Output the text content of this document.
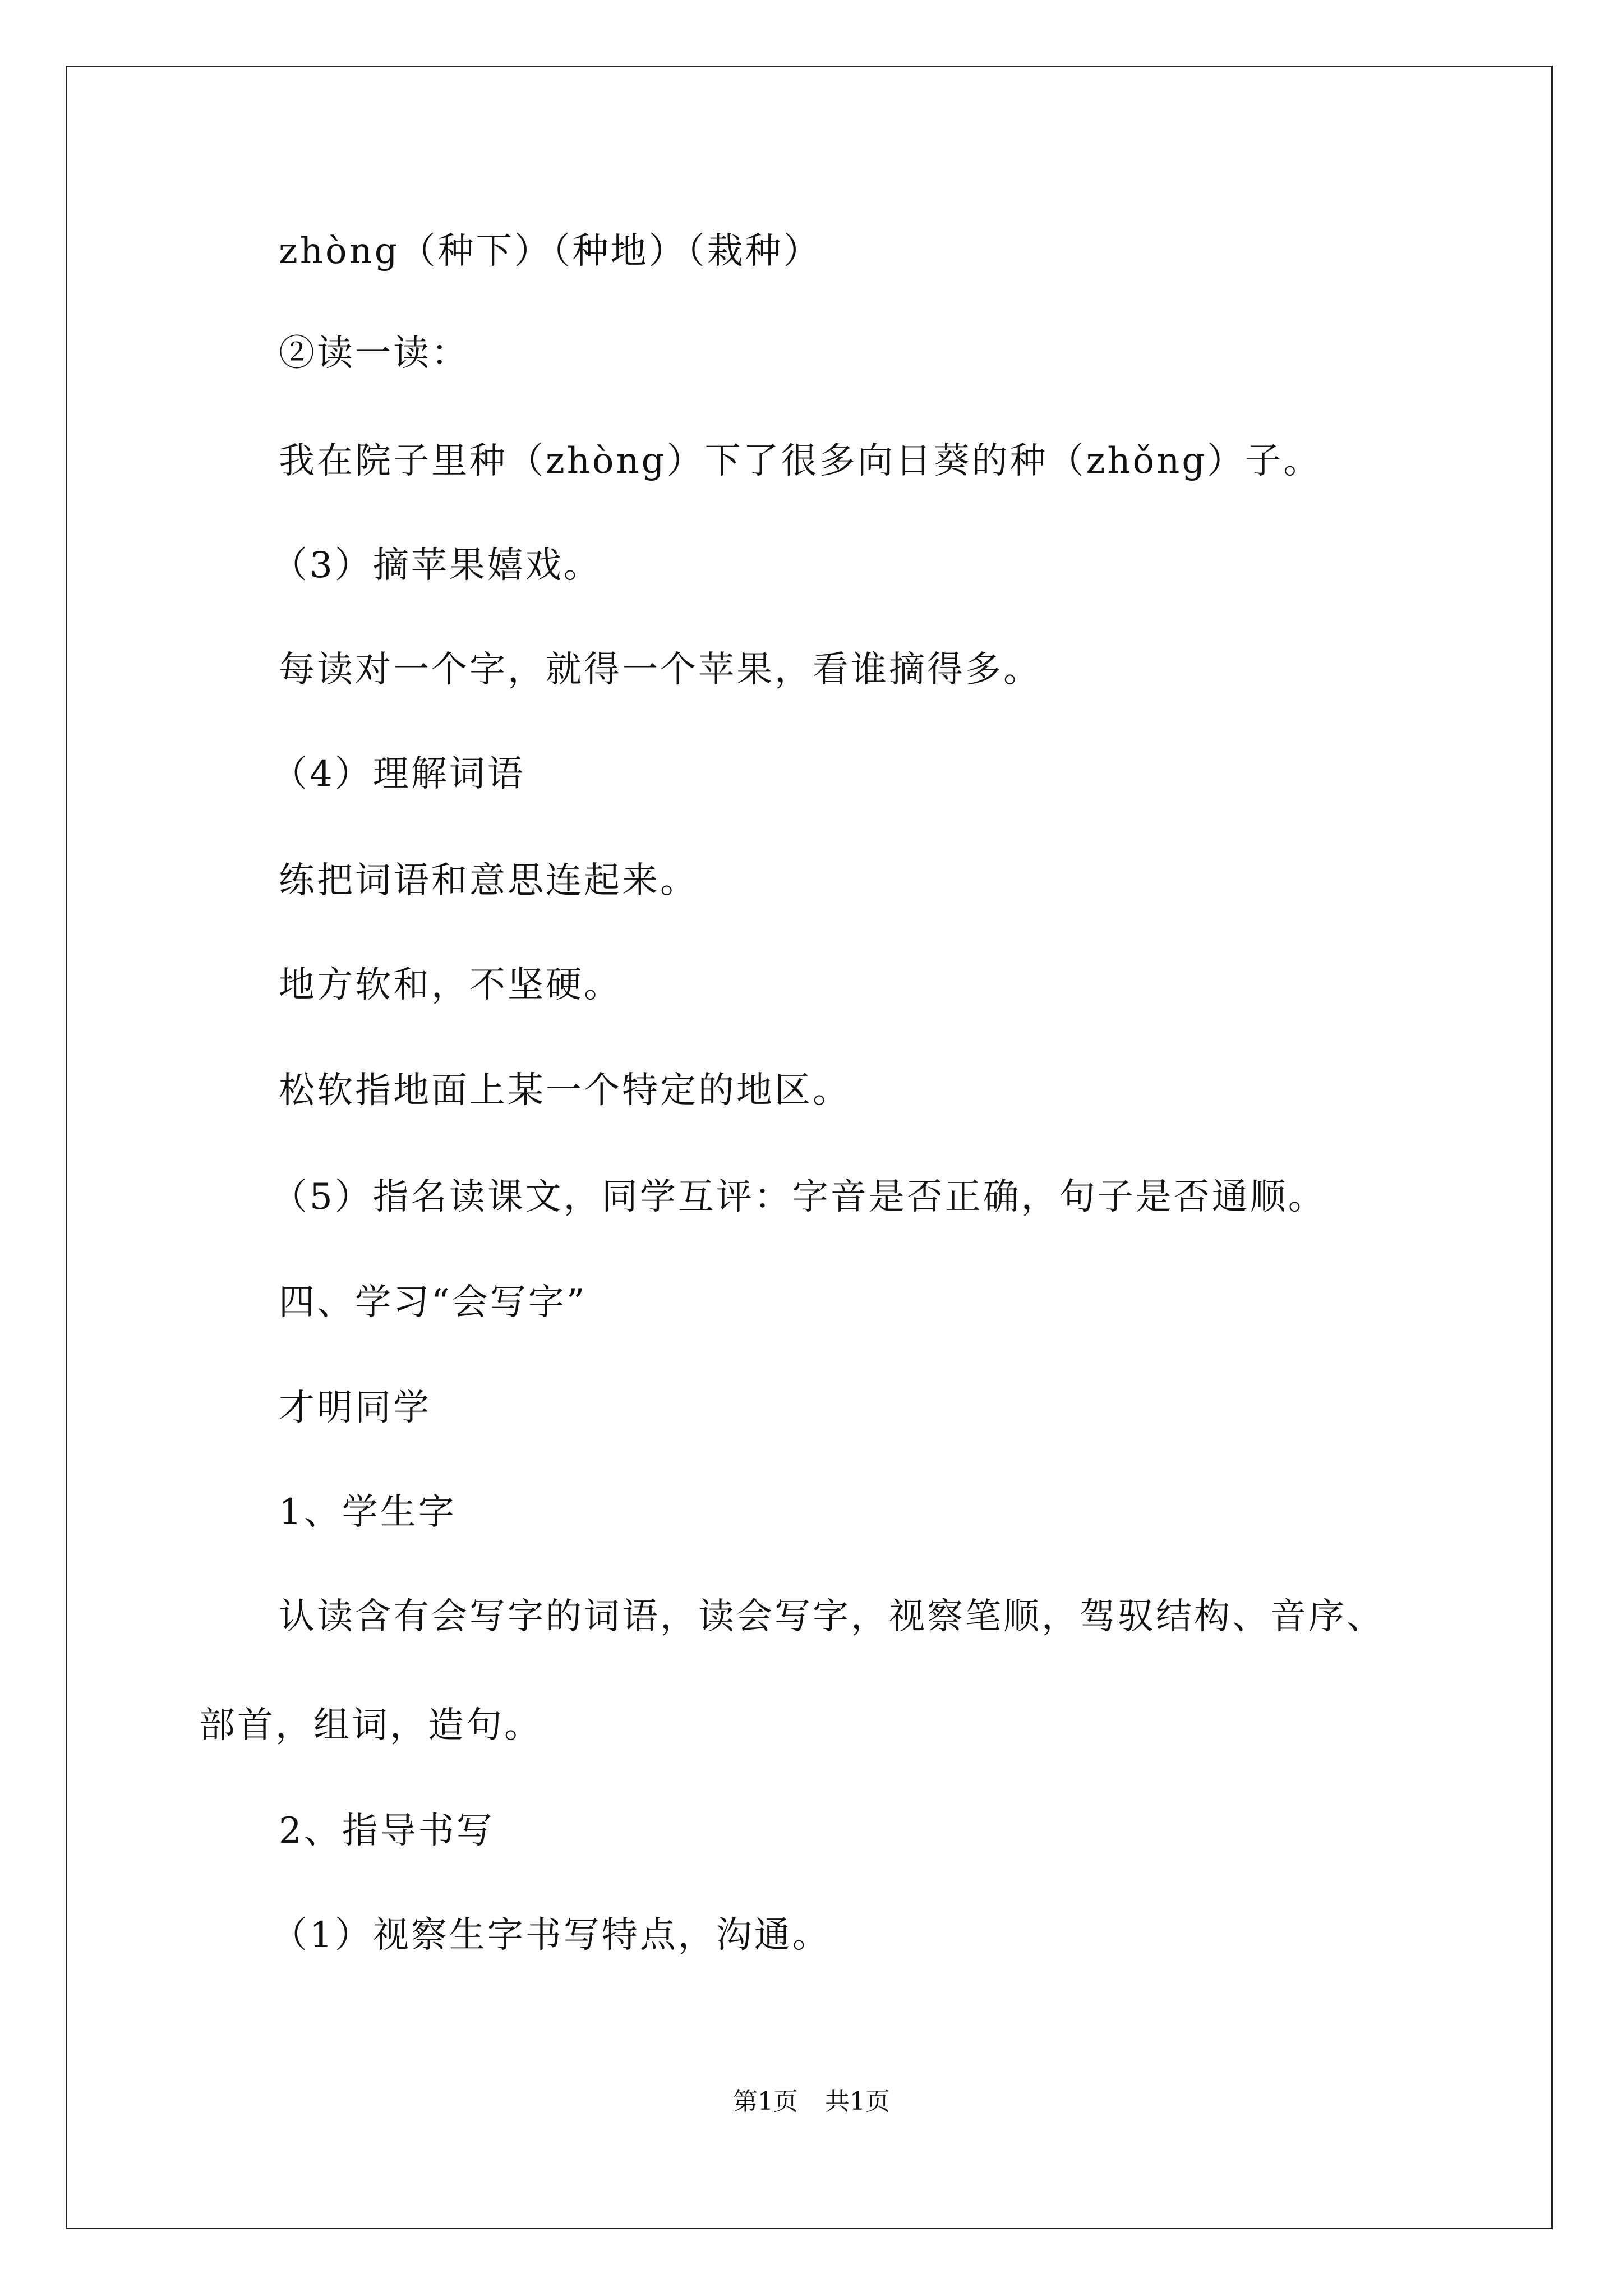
zhòng（种下）（种地）（栽种）
②读一读：
我在院子里种（zhòng）下了很多向日葵的种（zhǒng）子。
（3）摘苹果嬉戏。
每读对一个字，就得一个苹果，看谁摘得多。
（4）理解词语
练把词语和意思连起来。
地方软和，不坚硬。
松软指地面上某一个特定的地区。
（5）指名读课文，同学互评：字音是否正确，句子是否通顺。
四、学习“会写字”
才明同学
1、学生字
认读含有会写字的词语，读会写字，视察笔顺，驾驭结构、音序、
部首，组词，造句。
2、指导书写
（1）视察生字书写特点，沟通。
第1页 共1页
